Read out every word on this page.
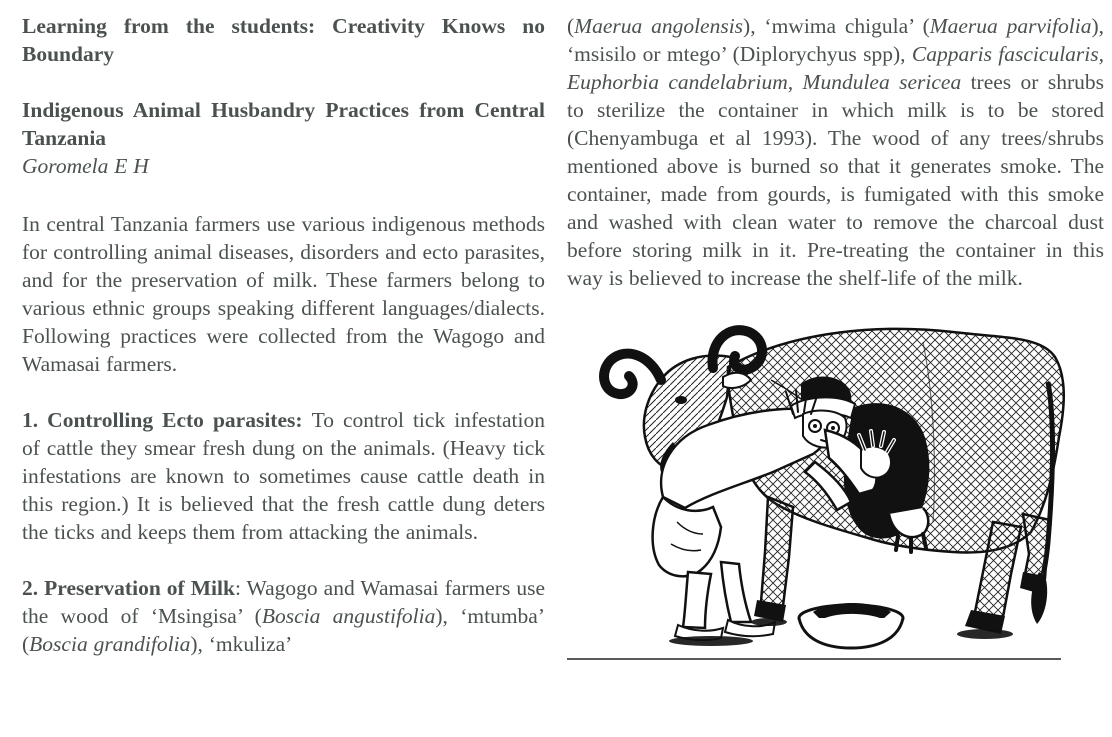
Learning from the students: Creativity Knows no Boundary

Indigenous Animal Husbandry Practices from Central Tanzania

Goromela E H

In central Tanzania farmers use various indigenous methods for controlling animal diseases, disorders and ecto parasites, and for the preservation of milk. These farmers belong to various ethnic groups speaking different languages/dialects. Following practices were collected from the Wagogo and Wamasai farmers.

1. Controlling Ecto parasites: To control tick infestation of cattle they smear fresh dung on the animals. (Heavy tick infestations are known to sometimes cause cattle death in this region.) It is believed that the fresh cattle dung deters the ticks and keeps them from attacking the animals.

2. Preservation of Milk: Wagogo and Wamasai farmers use the wood of ‘Msingisa’ (Boscia angustifolia), ‘mtumba’ (Boscia grandifolia), ‘mkuliza’

(Maerua angolensis), ‘mwima chigula’ (Maerua parvifolia), ‘msisilo or mtego’ (Diplorychyus spp), Capparis fascicularis, Euphorbia candelabrium, Mundulea sericea trees or shrubs to sterilize the container in which milk is to be stored (Chenyambuga et al 1993). The wood of any trees/shrubs mentioned above is burned so that it generates smoke. The container, made from gourds, is fumigated with this smoke and washed with clean water to remove the charcoal dust before storing milk in it. Pre-treating the container in this way is believed to increase the shelf-life of the milk.
